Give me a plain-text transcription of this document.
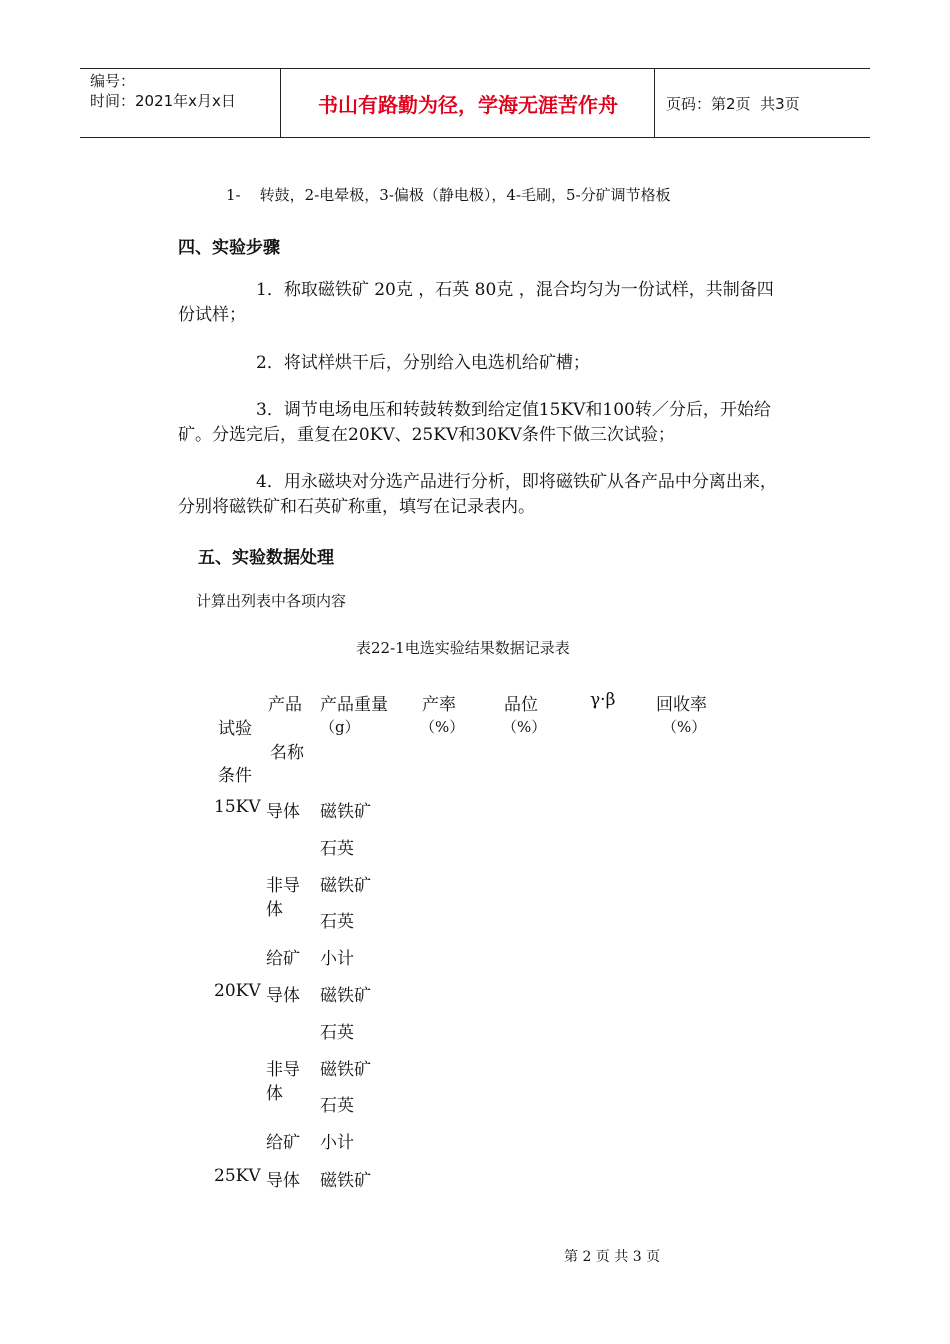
编号：
时间：2021年x月x日	书山有路勤为径，学海无涯苦作舟	页码：第2页  共3页
1-    转鼓，2-电晕极，3-偏极（静电极），4-毛刷，5-分矿调节格板
四、实验步骤
1．称取磁铁矿 20克 ，石英 80克 ，混合均匀为一份试样，共制备四份试样；
2．将试样烘干后，分别给入电选机给矿槽；
3．调节电场电压和转鼓转数到给定值15KV和100转／分后，开始给矿。分选完后，重复在20KV、25KV和30KV条件下做三次试验；
4．用永磁块对分选产品进行分析，即将磁铁矿从各产品中分离出来，分别将磁铁矿和石英矿称重，填写在记录表内。
五、实验数据处理
计算出列表中各项内容
表22-1电选实验结果数据记录表
产品 产品重量
（g）
产率
（%）
品位
（%）
γ·β 回收率
（%）
试验
名称
条件
15KV 导体 磁铁矿
石英
非导 磁铁矿
体
石英
给矿 小计
20KV 导体 磁铁矿
石英
非导 磁铁矿
体
石英
给矿 小计
25KV 导体 磁铁矿
第 2 页 共 3 页
